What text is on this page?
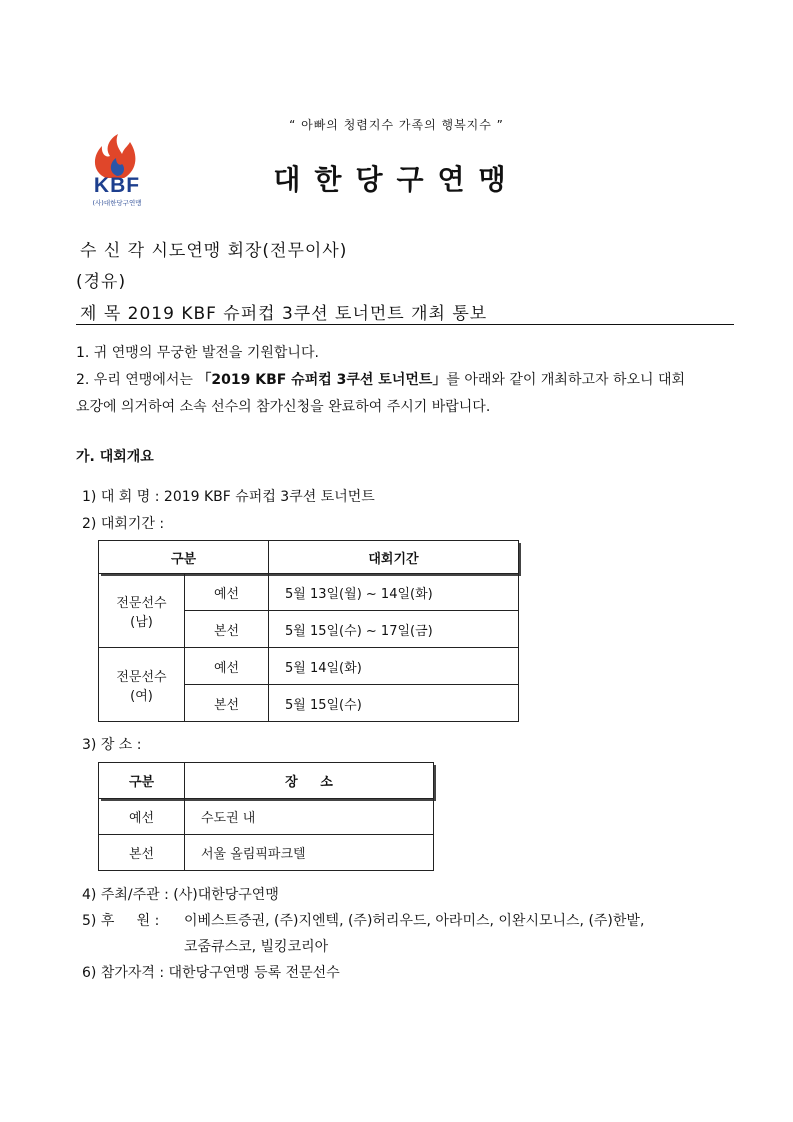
“ 아빠의 청렴지수 가족의 행복지수 ”
KBF
(사)대한당구연맹
대한당구연맹
수 신 각 시도연맹 회장(전무이사)
(경유)
제 목 2019 KBF 슈퍼컵 3쿠션 토너먼트 개최 통보
1. 귀 연맹의 무궁한 발전을 기원합니다.
2. 우리 연맹에서는 「2019 KBF 슈퍼컵 3쿠션 토너먼트」를 아래와 같이 개최하고자 하오니 대회
요강에 의거하여 소속 선수의 참가신청을 완료하여 주시기 바랍니다.
가. 대회개요
1) 대 회 명 : 2019 KBF 슈퍼컵 3쿠션 토너먼트
2) 대회기간 :
구분		대회기간

전문선수
(남)	예선	5월 13일(월) ~ 14일(화)
	본선	5월 15일(수) ~ 17일(금)

전문선수
(여)	예선	5월 14일(화)
	본선	5월 15일(수)
3) 장 소 :
구분	장     소
예선	수도권 내
본선	서울 올림픽파크텔
4) 주최/주관 : (사)대한당구연맹
5) 후     원 : 이베스트증권, (주)지엔텍, (주)허리우드, 아라미스, 이완시모니스, (주)한밭,
코줌큐스코, 빌킹코리아
6) 참가자격 : 대한당구연맹 등록 전문선수
